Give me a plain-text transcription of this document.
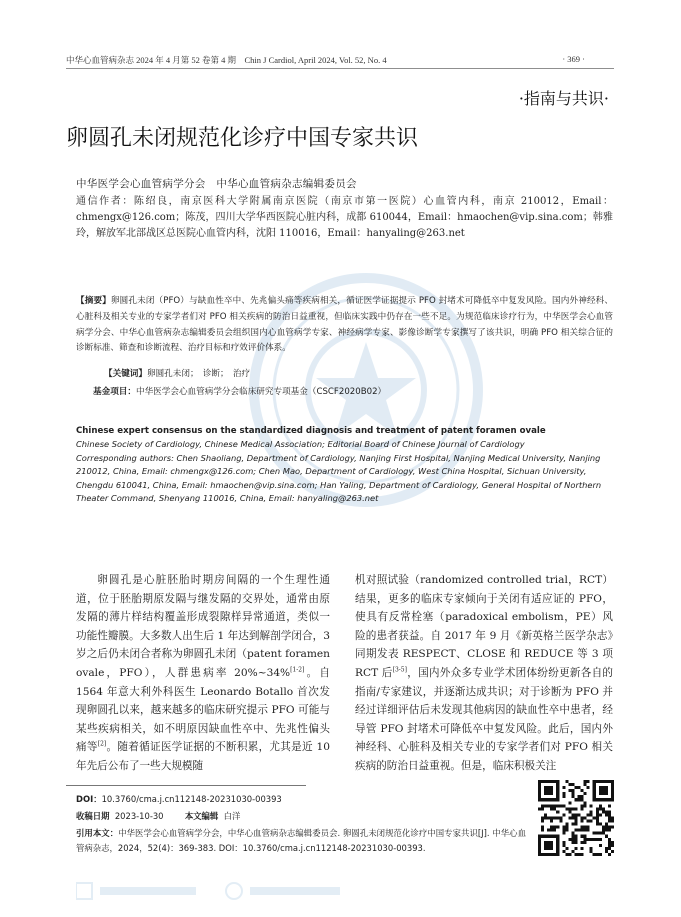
中华心血管病杂志 2024 年 4 月第 52 卷第 4 期　Chin J Cardiol, April 2024, Vol. 52, No. 4	· 369 ·
·指南与共识·
卵圆孔未闭规范化诊疗中国专家共识
中华医学会心血管病学分会　中华心血管病杂志编辑委员会
通信作者：陈绍良，南京医科大学附属南京医院（南京市第一医院）心血管内科，南京 210012，Email：chmengx@126.com；陈茂，四川大学华西医院心脏内科，成都 610044，Email：hmaochen@vip.sina.com；韩雅玲，解放军北部战区总医院心血管内科，沈阳 110016，Email：hanyaling@263.net
【摘要】卵圆孔未闭（PFO）与缺血性卒中、先兆偏头痛等疾病相关，循证医学证据提示 PFO 封堵术可降低卒中复发风险。国内外神经科、心脏科及相关专业的专家学者们对 PFO 相关疾病的防治日益重视，但临床实践中仍存在一些不足。为规范临床诊疗行为，中华医学会心血管病学分会、中华心血管病杂志编辑委员会组织国内心血管病学专家、神经病学专家、影像诊断学专家撰写了该共识，明确 PFO 相关综合征的诊断标准、筛查和诊断流程、治疗目标和疗效评价体系。
【关键词】卵圆孔未闭；　诊断；　治疗
基金项目：中华医学会心血管病学分会临床研究专项基金（CSCF2020B02）
Chinese expert consensus on the standardized diagnosis and treatment of patent foramen ovale
Chinese Society of Cardiology, Chinese Medical Association; Editorial Board of Chinese Journal of Cardiology
Corresponding authors: Chen Shaoliang, Department of Cardiology, Nanjing First Hospital, Nanjing Medical University, Nanjing 210012, China, Email: chmengx@126.com; Chen Mao, Department of Cardiology, West China Hospital, Sichuan University, Chengdu 610041, China, Email: hmaochen@vip.sina.com; Han Yaling, Department of Cardiology, General Hospital of Northern Theater Command, Shenyang 110016, China, Email: hanyaling@263.net
卵圆孔是心脏胚胎时期房间隔的一个生理性通道，位于胚胎期原发隔与继发隔的交界处，通常由原发隔的薄片样结构覆盖形成裂隙样异常通道，类似一功能性瓣膜。大多数人出生后 1 年达到解剖学闭合，3 岁之后仍未闭合者称为卵圆孔未闭（patent foramen ovale，PFO），人群患病率 20%~34%[1-2]。自 1564 年意大利外科医生 Leonardo Botallo 首次发现卵圆孔以来，越来越多的临床研究提示 PFO 可能与某些疾病相关，如不明原因缺血性卒中、先兆性偏头痛等[2]。随着循证医学证据的不断积累，尤其是近 10 年先后公布了一些大规模随
机对照试验（randomized controlled trial，RCT）结果，更多的临床专家倾向于关闭有适应证的 PFO，使具有反常栓塞（paradoxical embolism，PE）风险的患者获益。自 2017 年 9 月《新英格兰医学杂志》同期发表 RESPECT、CLOSE 和 REDUCE 等 3 项 RCT 后[3-5]，国内外众多专业学术团体纷纷更新各自的指南/专家建议，并逐渐达成共识；对于诊断为 PFO 并经过详细评估后未发现其他病因的缺血性卒中患者，经导管 PFO 封堵术可降低卒中复发风险。此后，国内外神经科、心脏科及相关专业的专家学者们对 PFO 相关疾病的防治日益重视。但是，临床积极关注
DOI：10.3760/cma.j.cn112148-20231030-00393
收稿日期 2023-10-30	本文编辑 白洋
引用本文：中华医学会心血管病学分会，中华心血管病杂志编辑委员会. 卵圆孔未闭规范化诊疗中国专家共识[J]. 中华心血管病杂志，2024，52(4)：369-383. DOI：10.3760/cma.j.cn112148-20231030-00393.
